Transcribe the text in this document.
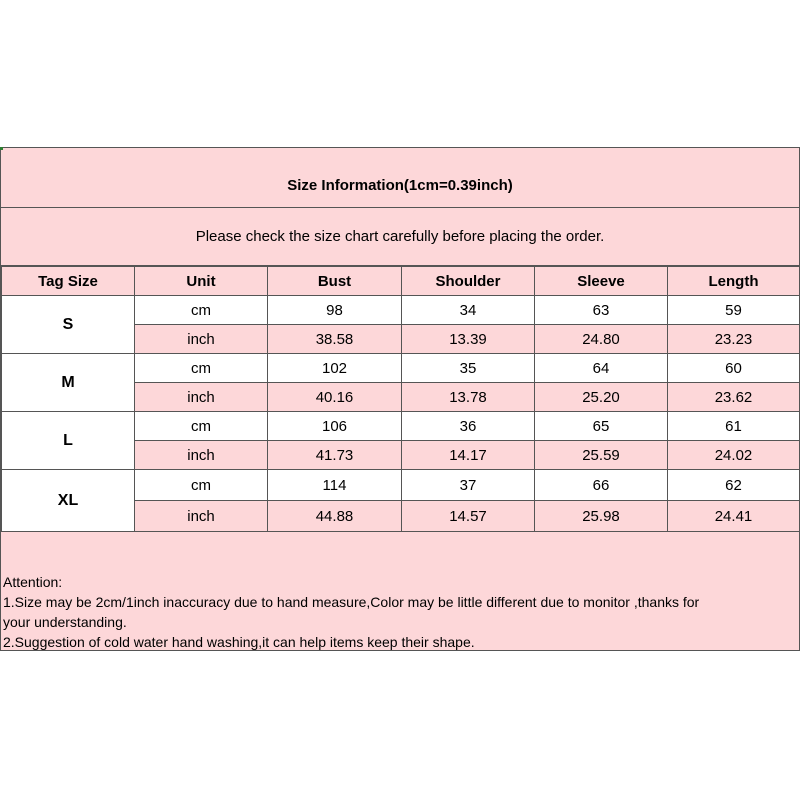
Size Information(1cm=0.39inch)
Please check the size chart carefully before placing the order.
Tag Size	Unit	Bust	Shoulder	Sleeve	Length
S	cm	98	34	63	59
	inch	38.58	13.39	24.80	23.23
M	cm	102	35	64	60
	inch	40.16	13.78	25.20	23.62
L	cm	106	36	65	61
	inch	41.73	14.17	25.59	24.02
XL	cm	114	37	66	62
	inch	44.88	14.57	25.98	24.41
Attention:
1.Size may be 2cm/1inch inaccuracy due to hand measure,Color may be little different due to monitor ,thanks for
your understanding.
2.Suggestion of cold water hand washing,it can help items keep their shape.
